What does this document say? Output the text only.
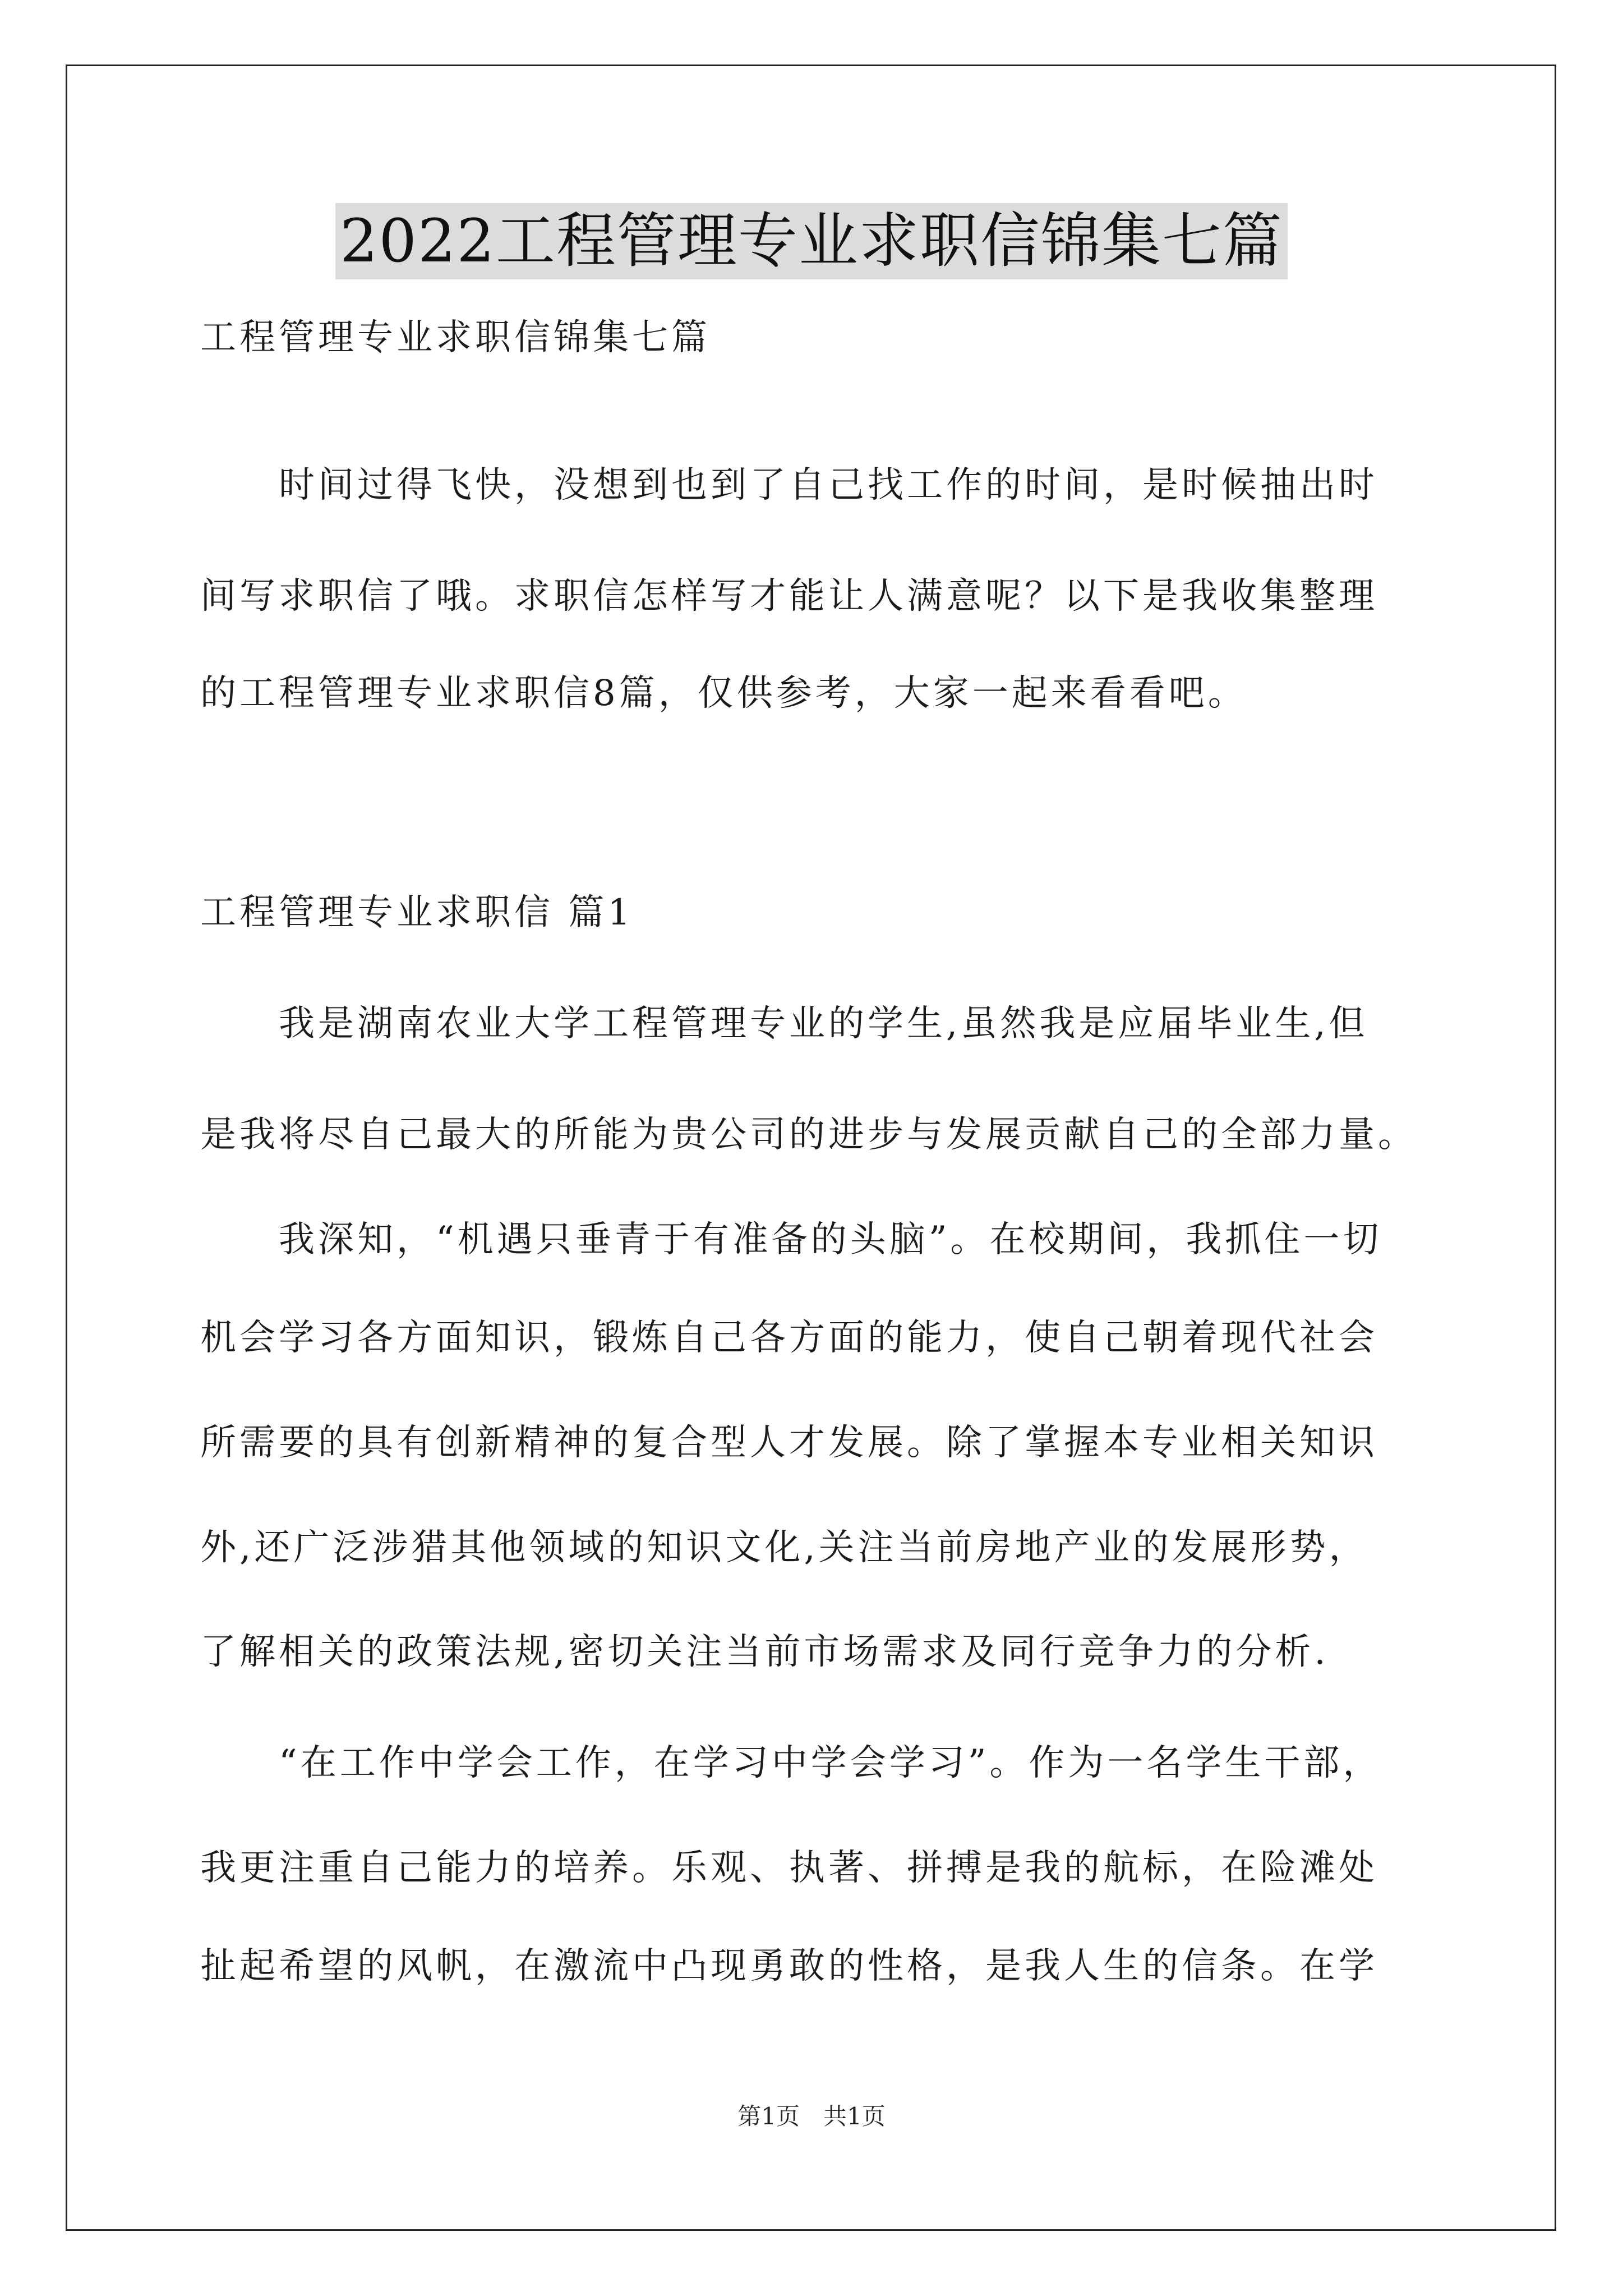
2022工程管理专业求职信锦集七篇
工程管理专业求职信锦集七篇
　　时间过得飞快，没想到也到了自己找工作的时间，是时候抽出时
间写求职信了哦。求职信怎样写才能让人满意呢？以下是我收集整理
的工程管理专业求职信8篇，仅供参考，大家一起来看看吧。
工程管理专业求职信 篇1
　　我是湖南农业大学工程管理专业的学生,虽然我是应届毕业生,但
是我将尽自己最大的所能为贵公司的进步与发展贡献自己的全部力量。
　　我深知，“机遇只垂青于有准备的头脑”。在校期间，我抓住一切
机会学习各方面知识，锻炼自己各方面的能力，使自己朝着现代社会
所需要的具有创新精神的复合型人才发展。除了掌握本专业相关知识
外,还广泛涉猎其他领域的知识文化,关注当前房地产业的发展形势，
了解相关的政策法规,密切关注当前市场需求及同行竞争力的分析.
　　“在工作中学会工作，在学习中学会学习”。作为一名学生干部，
我更注重自己能力的培养。乐观、执著、拼搏是我的航标，在险滩处
扯起希望的风帆，在激流中凸现勇敢的性格，是我人生的信条。在学
第1页　共1页
